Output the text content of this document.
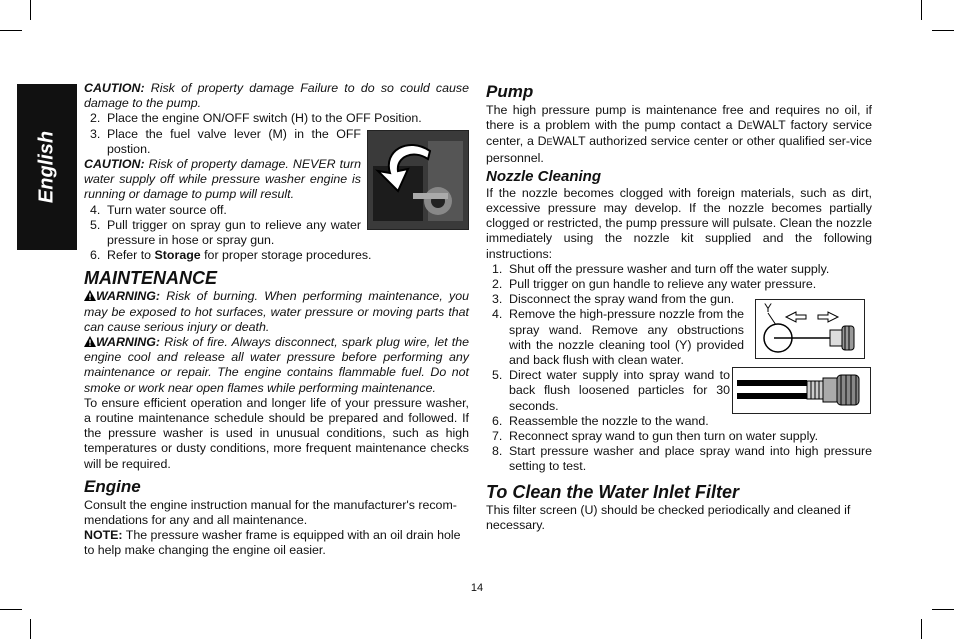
English

CAUTION: Risk of property damage Failure to do so could cause damage to the pump.

2. Place the engine ON/OFF switch (H) to the OFF Position.
3. Place the fuel valve lever (M) in the OFF postion.

CAUTION: Risk of property damage. NEVER turn water supply off while pressure washer engine is running or damage to pump will result.

4. Turn water source off.
5. Pull trigger on spray gun to relieve any water pressure in hose or spray gun.
6. Refer to Storage for proper storage procedures.
MAINTENANCE

WARNING: Risk of burning. When performing maintenance, you may be exposed to hot surfaces, water pressure or moving parts that can cause serious injury or death.

WARNING: Risk of fire. Always disconnect, spark plug wire, let the engine cool and release all water pressure before performing any maintenance or repair. The engine contains flammable fuel. Do not smoke or work near open flames while performing maintenance.

To ensure efficient operation and longer life of your pressure washer, a routine maintenance schedule should be prepared and followed. If the pressure washer is used in unusual conditions, such as high temperatures or dusty conditions, more frequent maintenance checks will be required.

Engine

Consult the engine instruction manual for the manufacturer's recom-mendations for any and all maintenance.

NOTE: The pressure washer frame is equipped with an oil drain hole to help make changing the engine oil easier.

Pump

The high pressure pump is maintenance free and requires no oil, if there is a problem with the pump contact a DEWALT factory service center, a DEWALT authorized service center or other qualified ser-vice personnel.

Nozzle Cleaning

If the nozzle becomes clogged with foreign materials, such as dirt, excessive pressure may develop. If the nozzle becomes partially clogged or restricted, the pump pressure will pulsate. Clean the nozzle immediately using the nozzle kit supplied and the following instructions:

1. Shut off the pressure washer and turn off the water supply.
2. Pull trigger on gun handle to relieve any water pressure.
3. Disconnect the spray wand from the gun.
4. Remove the high-pressure nozzle from the spray wand. Remove any obstructions with the nozzle cleaning tool (Y) provided and back flush with clean water.
5. Direct water supply into spray wand to back flush loosened particles for 30 seconds.
6. Reassemble the nozzle to the wand.
7. Reconnect spray wand to gun then turn on water supply.
8. Start pressure washer and place spray wand into high pressure setting to test.
To Clean the Water Inlet Filter

This filter screen (U) should be checked periodically and cleaned if necessary.

Y
14
